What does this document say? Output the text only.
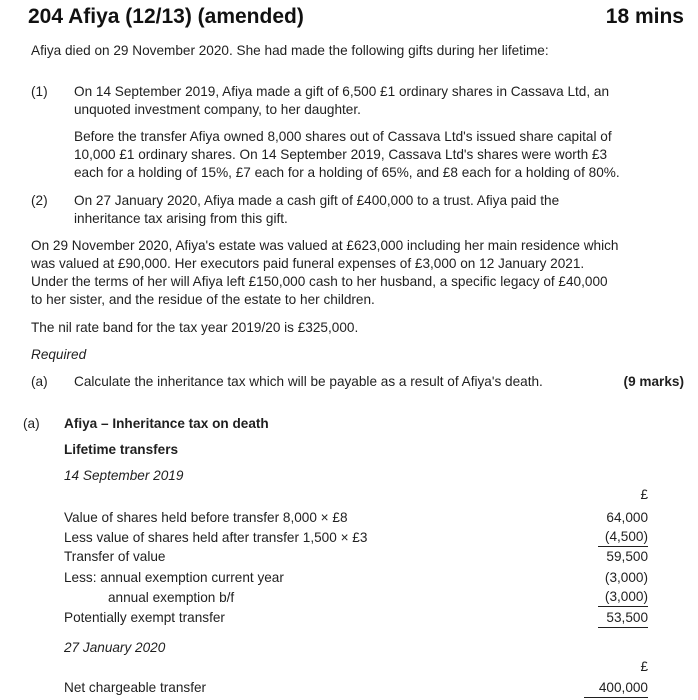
204 Afiya (12/13) (amended)	18 mins
Afiya died on 29 November 2020. She had made the following gifts during her lifetime:
(1) On 14 September 2019, Afiya made a gift of 6,500 £1 ordinary shares in Cassava Ltd, an
unquoted investment company, to her daughter.
Before the transfer Afiya owned 8,000 shares out of Cassava Ltd's issued share capital of
10,000 £1 ordinary shares. On 14 September 2019, Cassava Ltd's shares were worth £3
each for a holding of 15%, £7 each for a holding of 65%, and £8 each for a holding of 80%.
(2) On 27 January 2020, Afiya made a cash gift of £400,000 to a trust. Afiya paid the
inheritance tax arising from this gift.
On 29 November 2020, Afiya's estate was valued at £623,000 including her main residence which
was valued at £90,000. Her executors paid funeral expenses of £3,000 on 12 January 2021.
Under the terms of her will Afiya left £150,000 cash to her husband, a specific legacy of £40,000
to her sister, and the residue of the estate to her children.
The nil rate band for the tax year 2019/20 is £325,000.
Required
(a) Calculate the inheritance tax which will be payable as a result of Afiya's death.	(9 marks)
(a) Afiya – Inheritance tax on death
Lifetime transfers
14 September 2019
£
Value of shares held before transfer 8,000 × £8	64,000
Less value of shares held after transfer 1,500 × £3	(4,500)
Transfer of value	59,500
Less: annual exemption current year	(3,000)
annual exemption b/f	(3,000)
Potentially exempt transfer	53,500
27 January 2020
£
Net chargeable transfer	400,000
